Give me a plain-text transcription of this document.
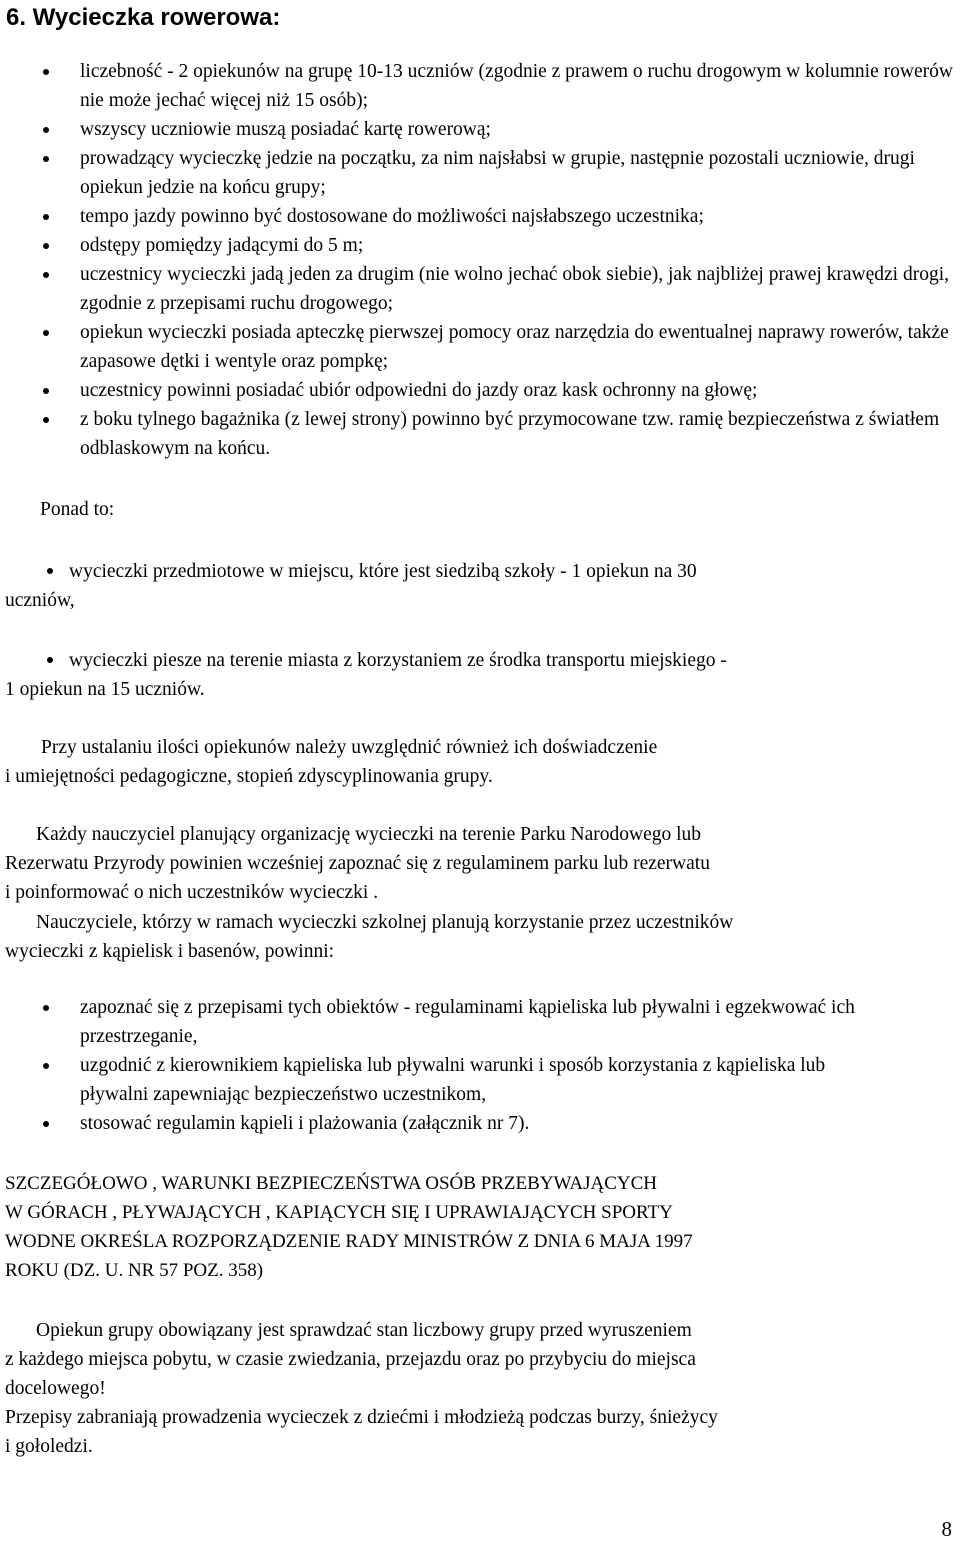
6. Wycieczka rowerowa:
liczebność - 2 opiekunów na grupę 10-13 uczniów (zgodnie z prawem o ruchu drogowym w kolumnie rowerów nie może jechać więcej niż 15 osób);
wszyscy uczniowie muszą posiadać kartę rowerową;
prowadzący wycieczkę jedzie na początku, za nim najsłabsi w grupie, następnie pozostali uczniowie, drugi opiekun jedzie na końcu grupy;
tempo jazdy powinno być dostosowane do możliwości najsłabszego uczestnika;
odstępy pomiędzy jadącymi do 5 m;
uczestnicy wycieczki jadą jeden za drugim (nie wolno jechać obok siebie), jak najbliżej prawej krawędzi drogi, zgodnie z przepisami ruchu drogowego;
opiekun wycieczki posiada apteczkę pierwszej pomocy oraz narzędzia do ewentualnej naprawy rowerów, także zapasowe dętki i wentyle oraz pompkę;
uczestnicy powinni posiadać ubiór odpowiedni do jazdy oraz kask ochronny na głowę;
z boku tylnego bagażnika (z lewej strony) powinno być przymocowane tzw. ramię bezpieczeństwa z światłem odblaskowym na końcu.

Ponad to:

wycieczki przedmiotowe w miejscu, które jest siedzibą szkoły - 1 opiekun na 30
uczniów,
wycieczki piesze na terenie miasta z korzystaniem ze środka transportu miejskiego -
1 opiekun na 15 uczniów.

Przy ustalaniu ilości opiekunów należy uwzględnić również ich doświadczenie

i umiejętności pedagogiczne, stopień zdyscyplinowania grupy.

Każdy nauczyciel planujący organizację wycieczki na terenie Parku Narodowego lub

Rezerwatu Przyrody powinien wcześniej zapoznać się z regulaminem parku lub rezerwatu

i poinformować o nich uczestników wycieczki .

Nauczyciele, którzy w ramach wycieczki szkolnej planują korzystanie przez uczestników

wycieczki z kąpielisk i basenów, powinni:

zapoznać się z przepisami tych obiektów - regulaminami kąpieliska lub pływalni i egzekwować ich przestrzeganie,
uzgodnić z kierownikiem kąpieliska lub pływalni warunki i sposób korzystania z kąpieliska lub pływalni zapewniając bezpieczeństwo uczestnikom,
stosować regulamin kąpieli i plażowania (załącznik nr 7).

SZCZEGÓŁOWO , WARUNKI BEZPIECZEŃSTWA OSÓB PRZEBYWAJĄCYCH

W GÓRACH , PŁYWAJĄCYCH , KAPIĄCYCH SIĘ I UPRAWIAJĄCYCH SPORTY

WODNE OKREŚLA ROZPORZĄDZENIE RADY MINISTRÓW Z DNIA 6 MAJA 1997

ROKU (DZ. U. NR 57 POZ. 358)

Opiekun grupy obowiązany jest sprawdzać stan liczbowy grupy przed wyruszeniem

z każdego miejsca pobytu, w czasie zwiedzania, przejazdu oraz po przybyciu do miejsca

docelowego!

Przepisy zabraniają prowadzenia wycieczek z dziećmi i młodzieżą podczas burzy, śnieżycy

i gołoledzi.

8
